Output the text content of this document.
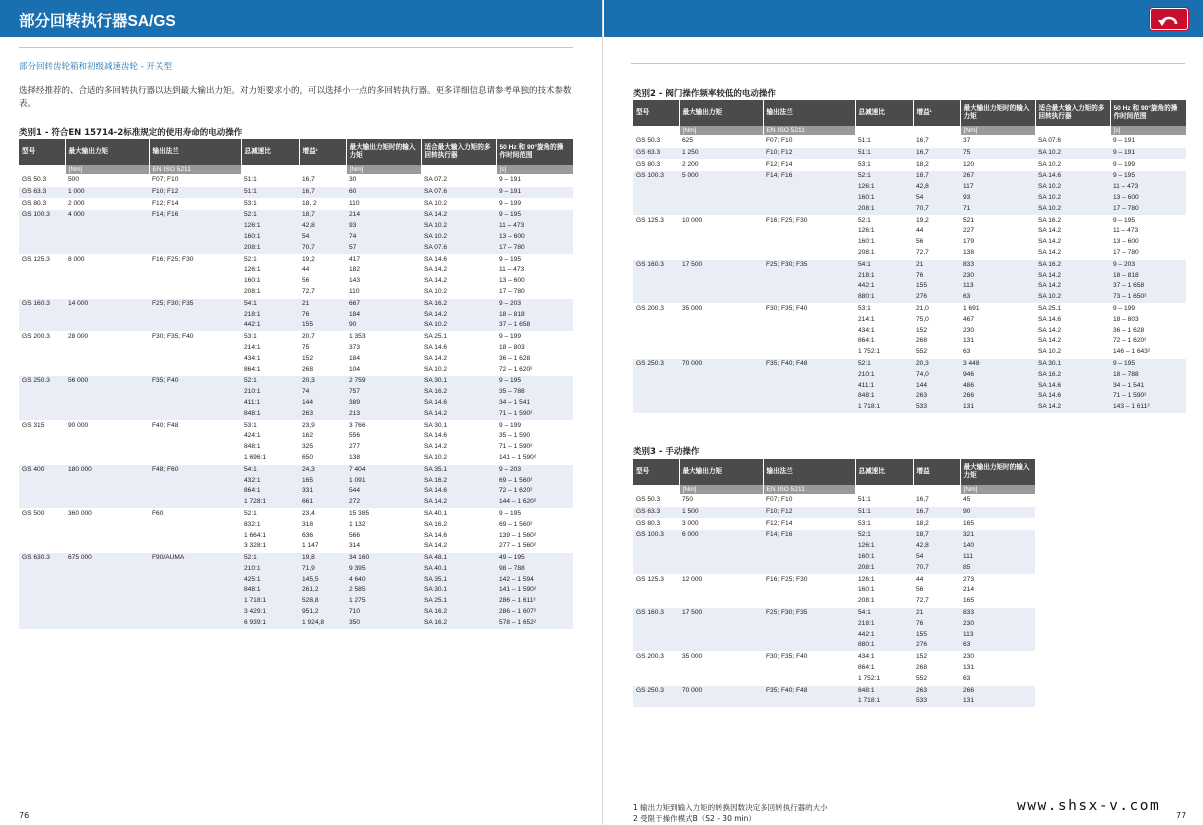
部分回转执行器SA/GS
部分回转齿轮箱和初级减速齿轮 - 开关型
选择经推荐的、合适的多回转执行器以达到最大输出力矩。对力矩要求小的，可以选择小一点的多回转执行器。更多详细信息请参考单独的技术参数表。
类别1 - 符合EN 15714-2标准规定的使用寿命的电动操作
型号	最大输出力矩	输出法兰	总减速比	增益¹	最大输出力矩时的输入力矩	适合最大输入力矩的多回转执行器	50 Hz 和 90°旋角的操作时间范围
	[Nm]	EN ISO 5211			[Nm]		[s]
GS 50.3	500	F07; F10	51:1	16,7	30	SA 07.2	9 – 191
GS 63.3	1 000	F10; F12	51:1	16,7	60	SA 07.6	9 – 191
GS 80.3	2 000	F12; F14	53:1	18, 2	110	SA 10.2	9 – 199
GS 100.3	4 000	F14; F16	52:1	18,7	214	SA 14.2	9 – 195
			126:1	42,8	93	SA 10.2	11 – 473
			160:1	54	74	SA 10.2	13 – 600
			208:1	70,7	57	SA 07.6	17 – 780
GS 125.3	8 000	F16; F25; F30	52:1	19,2	417	SA 14.6	9 – 195
			126:1	44	182	SA 14.2	11 – 473
			160:1	56	143	SA 14.2	13 – 600
			208:1	72,7	110	SA 10.2	17 – 780
GS 160.3	14 000	F25; F30; F35	54:1	21	667	SA 16.2	9 – 203
			218:1	76	184	SA 14.2	18 – 818
			442:1	155	90	SA 10.2	37 – 1 658
GS 200.3	28 000	F30; F35; F40	53:1	20,7	1 353	SA 25.1	9 – 199
			214:1	75	373	SA 14.6	18 – 803
			434:1	152	184	SA 14.2	36 – 1 628
			864:1	268	104	SA 10.2	72 – 1 620²
GS 250.3	56 000	F35; F40	52:1	20,3	2 759	SA 30.1	9 – 195
			210:1	74	757	SA 16.2	35 – 788
			411:1	144	389	SA 14.6	34 – 1 541
			848:1	263	213	SA 14.2	71 – 1 590²
GS 315	90 000	F40; F48	53:1	23,9	3 766	SA 30.1	9 – 199
			424:1	162	556	SA 14.6	35 – 1 590
			848:1	325	277	SA 14.2	71 – 1 590²
			1 696:1	650	138	SA 10.2	141 – 1 590²
GS 400	180 000	F48; F60	54:1	24,3	7 404	SA 35.1	9 – 203
			432:1	165	1 091	SA 16.2	69 – 1 560²
			864:1	331	544	SA 14.6	72 – 1 620²
			1 728:1	661	272	SA 14.2	144 – 1 620²
GS 500	360 000	F60	52:1	23,4	15 385	SA 40.1	9 – 195
			832:1	318	1 132	SA 16.2	69 – 1 560²
			1 664:1	636	566	SA 14.6	139 – 1 560²
			3 328:1	1 147	314	SA 14.2	277 – 1 560²
GS 630.3	675 000	F90/AUMA	52:1	19,8	34 160	SA 48.1	49 – 195
			210:1	71,9	9 395	SA 40.1	98 – 788
			425:1	145,5	4 640	SA 35.1	142 – 1 594
			848:1	261,2	2 585	SA 30.1	141 – 1 590²
			1 718:1	528,8	1 275	SA 25.1	286 – 1 611²
			3 429:1	951,2	710	SA 16.2	286 – 1 607²
			6 939:1	1 924,8	350	SA 16.2	578 – 1 652²
类别2 - 阀门操作频率较低的电动操作
型号	最大输出力矩	输出法兰	总减速比	增益¹	最大输出力矩时的输入力矩	适合最大输入力矩的多回转执行器	50 Hz 和 90°旋角的操作时间范围
	[Nm]	EN ISO 5211			[Nm]		[s]
GS 50.3	625	F07; F10	51:1	16,7	37	SA 07.6	9 – 191
GS 63.3	1 250	F10; F12	51:1	16,7	75	SA 10.2	9 – 191
GS 80.3	2 200	F12; F14	53:1	18,2	120	SA 10.2	9 – 199
GS 100.3	5 000	F14; F16	52:1	18,7	267	SA 14.6	9 – 195
			126:1	42,8	117	SA 10.2	11 – 473
			160:1	54	93	SA 10.2	13 – 600
			208:1	70,7	71	SA 10.2	17 – 780
GS 125.3	10 000	F16; F25; F30	52:1	19,2	521	SA 16.2	9 – 195
			126:1	44	227	SA 14.2	11 – 473
			160:1	56	179	SA 14.2	13 – 600
			208:1	72,7	138	SA 14.2	17 – 780
GS 160.3	17 500	F25; F30; F35	54:1	21	833	SA 16.2	9 – 203
			218:1	76	230	SA 14.2	18 – 818
			442:1	155	113	SA 14.2	37 – 1 658
			880:1	276	63	SA 10.2	73 – 1 650²
GS 200.3	35 000	F30; F35; F40	53:1	21,0	1 691	SA 25.1	9 – 199
			214:1	75,0	467	SA 14.6	18 – 803
			434:1	152	230	SA 14.2	36 – 1 628
			864:1	268	131	SA 14.2	72 – 1 620²
			1 752:1	552	63	SA 10.2	146 – 1 643²
GS 250.3	70 000	F35; F40; F48	52:1	20,3	3 448	SA 30.1	9 – 195
			210:1	74,0	946	SA 16.2	18 – 788
			411:1	144	486	SA 14.6	34 – 1 541
			848:1	263	266	SA 14.6	71 – 1 590²
			1 718:1	533	131	SA 14.2	143 – 1 611²
类别3 - 手动操作
型号	最大输出力矩	输出法兰	总减速比	增益	最大输出力矩时的输入力矩
	[Nm]	EN ISO 5211			[Nm]
GS 50.3	750	F07; F10	51:1	16,7	45
GS 63.3	1 500	F10; F12	51:1	16,7	90
GS 80.3	3 000	F12; F14	53:1	18,2	165
GS 100.3	6 000	F14; F16	52:1	18,7	321
			126:1	42,8	140
			160:1	54	111
			208:1	70,7	85
GS 125.3	12 000	F16; F25; F30	126:1	44	273
			160:1	56	214
			208:1	72,7	165
GS 160.3	17 500	F25; F30; F35	54:1	21	833
			218:1	76	230
			442:1	155	113
			880:1	276	63
GS 200.3	35 000	F30; F35; F40	434:1	152	230
			864:1	268	131
			1 752:1	552	63
GS 250.3	70 000	F35; F40; F48	848:1	263	266
			1 718:1	533	131
76	77
1 输出力矩到输入力矩的转换因数决定多回转执行器的大小
2 受限于操作模式B（S2 - 30 min）
www.shsx-v.com
